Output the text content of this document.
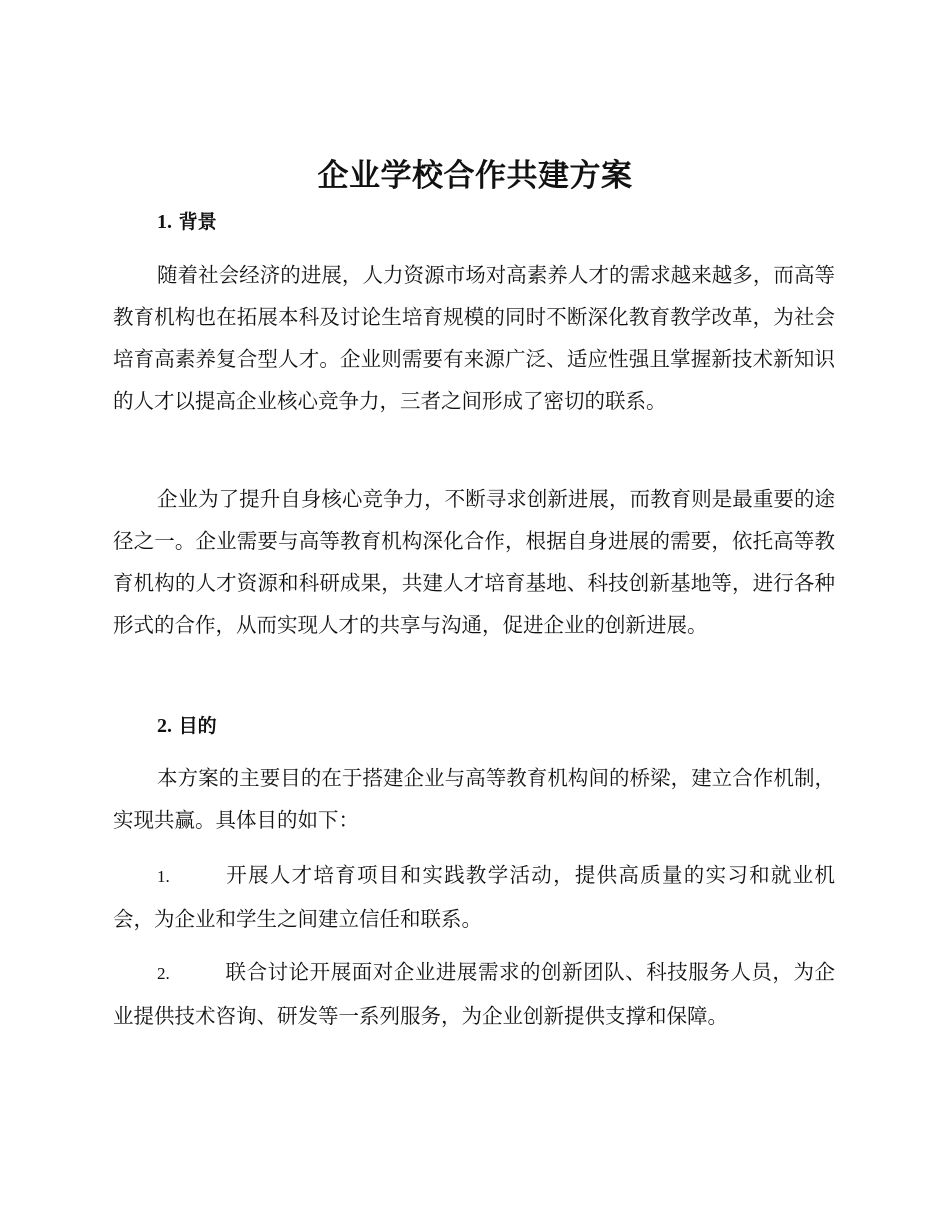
企业学校合作共建方案
1. 背景

随着社会经济的进展，人力资源市场对高素养人才的需求越来越多，而高等教育机构也在拓展本科及讨论生培育规模的同时不断深化教育教学改革，为社会培育高素养复合型人才。企业则需要有来源广泛、适应性强且掌握新技术新知识的人才以提高企业核心竞争力，三者之间形成了密切的联系。

企业为了提升自身核心竞争力，不断寻求创新进展，而教育则是最重要的途径之一。企业需要与高等教育机构深化合作，根据自身进展的需要，依托高等教育机构的人才资源和科研成果，共建人才培育基地、科技创新基地等，进行各种形式的合作，从而实现人才的共享与沟通，促进企业的创新进展。

2. 目的

本方案的主要目的在于搭建企业与高等教育机构间的桥梁，建立合作机制，实现共赢。具体目的如下：

1.	开展人才培育项目和实践教学活动，提供高质量的实习和就业机会，为企业和学生之间建立信任和联系。

2.	联合讨论开展面对企业进展需求的创新团队、科技服务人员，为企业提供技术咨询、研发等一系列服务，为企业创新提供支撑和保障。
